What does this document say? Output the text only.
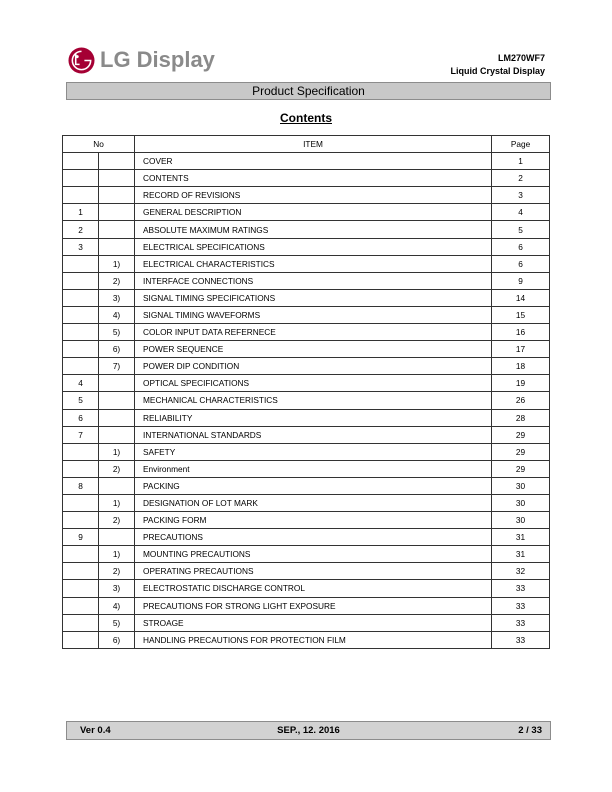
LG Display	LM270WF7
Liquid Crystal Display
Product Specification
Contents
No		ITEM	Page
		COVER	1
		CONTENTS	2
		RECORD OF REVISIONS	3
1		GENERAL DESCRIPTION	4
2		ABSOLUTE MAXIMUM RATINGS	5
3		ELECTRICAL SPECIFICATIONS	6
	1)	ELECTRICAL CHARACTERISTICS	6
	2)	INTERFACE CONNECTIONS	9
	3)	SIGNAL TIMING SPECIFICATIONS	14
	4)	SIGNAL TIMING WAVEFORMS	15
	5)	COLOR INPUT DATA REFERNECE	16
	6)	POWER SEQUENCE	17
	7)	POWER DIP CONDITION	18
4		OPTICAL SPECIFICATIONS	19
5		MECHANICAL CHARACTERISTICS	26
6		RELIABILITY	28
7		INTERNATIONAL STANDARDS	29
	1)	SAFETY	29
	2)	Environment	29
8		PACKING	30
	1)	DESIGNATION OF LOT MARK	30
	2)	PACKING FORM	30
9		PRECAUTIONS	31
	1)	MOUNTING PRECAUTIONS	31
	2)	OPERATING PRECAUTIONS	32
	3)	ELECTROSTATIC DISCHARGE CONTROL	33
	4)	PRECAUTIONS FOR STRONG LIGHT EXPOSURE	33
	5)	STROAGE	33
	6)	HANDLING PRECAUTIONS FOR PROTECTION FILM	33
Ver 0.4	SEP., 12. 2016	2 / 33
